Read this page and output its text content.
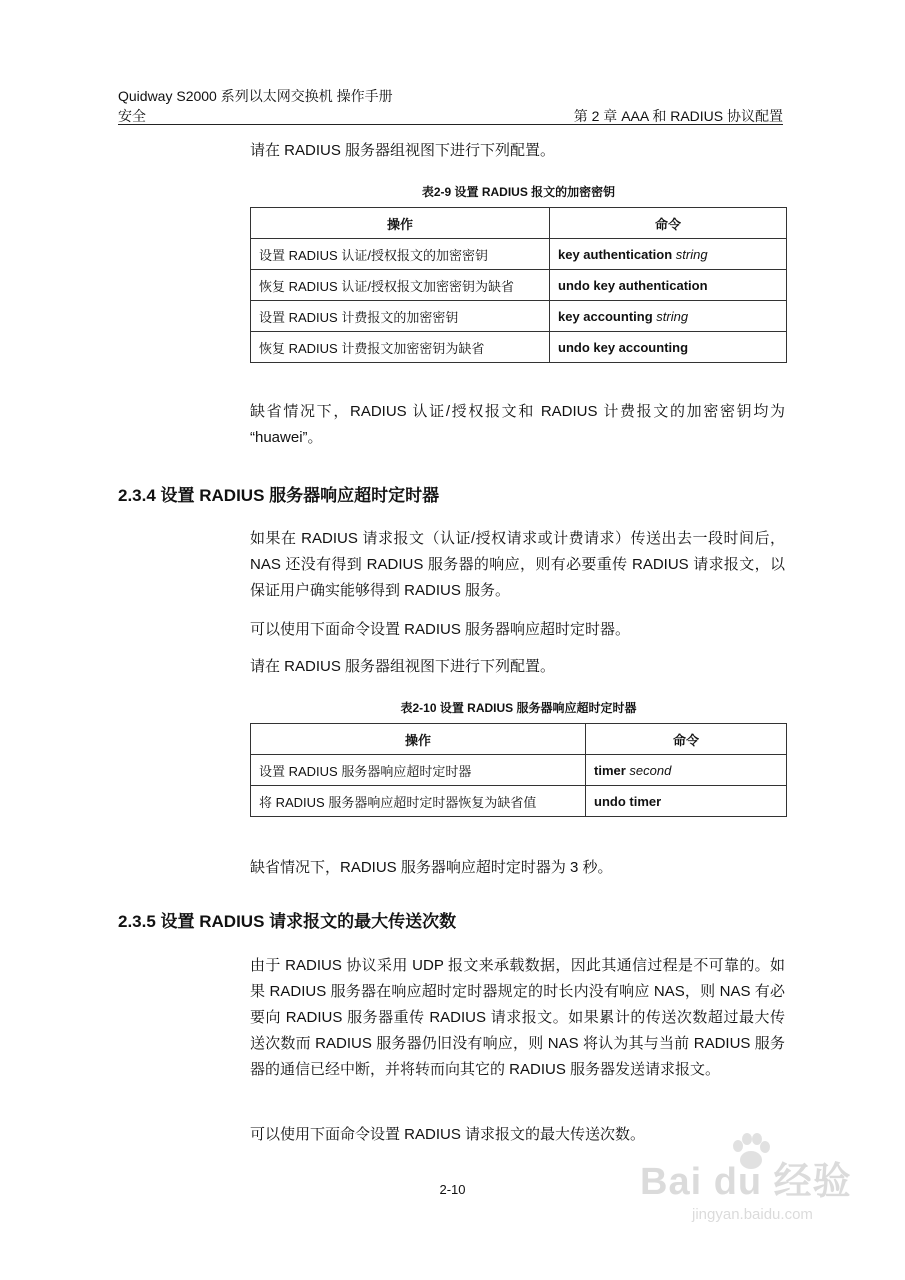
Quidway S2000 系列以太网交换机 操作手册
安全	第 2 章 AAA 和 RADIUS 协议配置
请在 RADIUS 服务器组视图下进行下列配置。
表2-9 设置 RADIUS 报文的加密密钥
操作	命令
设置 RADIUS 认证/授权报文的加密密钥	key authentication string
恢复 RADIUS 认证/授权报文加密密钥为缺省	undo key authentication
设置 RADIUS 计费报文的加密密钥	key accounting string
恢复 RADIUS 计费报文加密密钥为缺省	undo key accounting
缺省情况下，RADIUS 认证/授权报文和 RADIUS 计费报文的加密密钥均为
“huawei”。
2.3.4 设置 RADIUS 服务器响应超时定时器
如果在 RADIUS 请求报文（认证/授权请求或计费请求）传送出去一段时间后，NAS 还没有得到 RADIUS 服务器的响应，则有必要重传 RADIUS 请求报文，以保证用户确实能够得到 RADIUS 服务。
可以使用下面命令设置 RADIUS 服务器响应超时定时器。
请在 RADIUS 服务器组视图下进行下列配置。
表2-10 设置 RADIUS 服务器响应超时定时器
操作	命令
设置 RADIUS 服务器响应超时定时器	timer second
将 RADIUS 服务器响应超时定时器恢复为缺省值	undo timer
缺省情况下，RADIUS 服务器响应超时定时器为 3 秒。
2.3.5 设置 RADIUS 请求报文的最大传送次数
由于 RADIUS 协议采用 UDP 报文来承载数据，因此其通信过程是不可靠的。如果 RADIUS 服务器在响应超时定时器规定的时长内没有响应 NAS，则 NAS 有必要向 RADIUS 服务器重传 RADIUS 请求报文。如果累计的传送次数超过最大传送次数而 RADIUS 服务器仍旧没有响应，则 NAS 将认为其与当前 RADIUS 服务器的通信已经中断，并将转而向其它的 RADIUS 服务器发送请求报文。
可以使用下面命令设置 RADIUS 请求报文的最大传送次数。
2-10	Bai du 经验
jingyan.baidu.com
